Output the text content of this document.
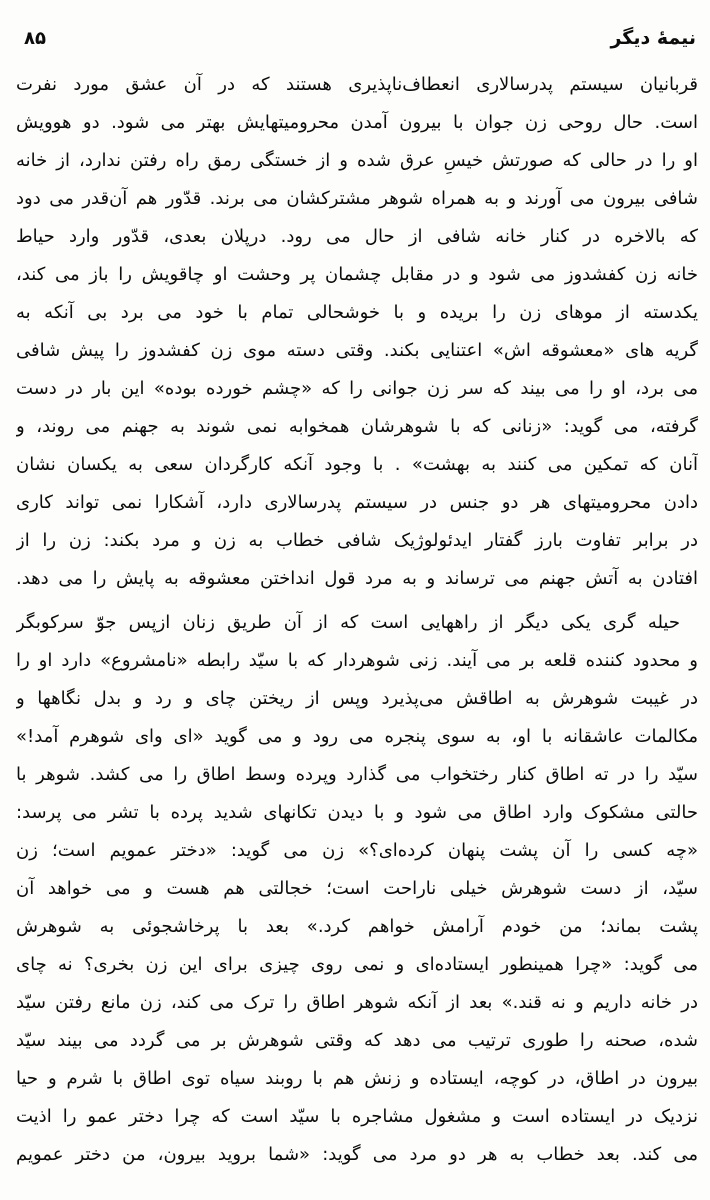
نیمهٔ دیگر
۸۵
قربانیان سیستم پدرسالاری انعطاف‌ناپذیری هستند که در آن عشق مورد نفرت
است. حال روحی زن جوان با بیرون آمدن محرومیتهایش بهتر می شود. دو هوویش
او را در حالی که صورتش خیسِ عرق شده و از خستگی رمق راه رفتن ندارد، از خانه
شافی بیرون می آورند و به همراه شوهر مشترکشان می برند. قدّور هم آن‌قدر می دود
که بالاخره در کنار خانه شافی از حال می رود. درپلان بعدی، قدّور وارد حیاط
خانه زن کفشدوز می شود و در مقابل چشمان پر وحشت او چاقویش را باز می کند،
یکدسته از موهای زن را بریده و با خوشحالی تمام با خود می برد بی آنکه به
گریه های «معشوقه اش» اعتنایی بکند. وقتی دسته موی زن کفشدوز را پیش شافی
می برد، او را می بیند که سر زن جوانی را که «چشم خورده بوده» این بار در دست
گرفته، می گوید: «زنانی که با شوهرشان همخوابه نمی شوند به جهنم می روند، و
آنان که تمکین می کنند به بهشت» . با وجود آنکه کارگردان سعی به یکسان نشان
دادن محرومیتهای هر دو جنس در سیستم پدرسالاری دارد، آشکارا نمی تواند کاری
در برابر تفاوت بارز گفتار ایدئولوژیک شافی خطاب به زن و مرد بکند: زن را از
افتادن به آتش جهنم می ترساند و به مرد قول انداختن معشوقه به پایش را می دهد.
حیله گری یکی دیگر از راههایی است که از آن طریق زنان ازپس جوّ سرکوبگر
و محدود کننده قلعه بر می آیند. زنی شوهردار که با سیّد رابطه «نامشروع» دارد او را
در غیبت شوهرش به اطاقش می‌پذیرد وپس از ریختن چای و رد و بدل نگاهها و
مکالمات عاشقانه با او، به سوی پنجره می رود و می گوید «ای وای شوهرم آمد!»
سیّد را در ته اطاق کنار رختخواب می گذارد وپرده وسط اطاق را می کشد. شوهر با
حالتی مشکوک وارد اطاق می شود و با دیدن تکانهای شدید پرده با تشر می پرسد:
«چه کسی را آن پشت پنهان کرده‌ای؟» زن می گوید: «دختر عمویم است؛ زن
سیّد، از دست شوهرش خیلی ناراحت است؛ خجالتی هم هست و می خواهد آن
پشت بماند؛ من خودم آرامش خواهم کرد.» بعد با پرخاشجوئی به شوهرش
می گوید: «چرا همینطور ایستاده‌ای و نمی روی چیزی برای این زن بخری؟ نه چای
در خانه داریم و نه قند.» بعد از آنکه شوهر اطاق را ترک می کند، زن مانع رفتن سیّد
شده، صحنه را طوری ترتیب می دهد که وقتی شوهرش بر می گردد می بیند سیّد
بیرون در اطاق، در کوچه، ایستاده و زنش هم با روبند سیاه توی اطاق با شرم و حیا
نزدیک در ایستاده است و مشغول مشاجره با سیّد است که چرا دختر عمو را اذیت
می کند. بعد خطاب به هر دو مرد می گوید: «شما بروید بیرون، من دختر عمویم
